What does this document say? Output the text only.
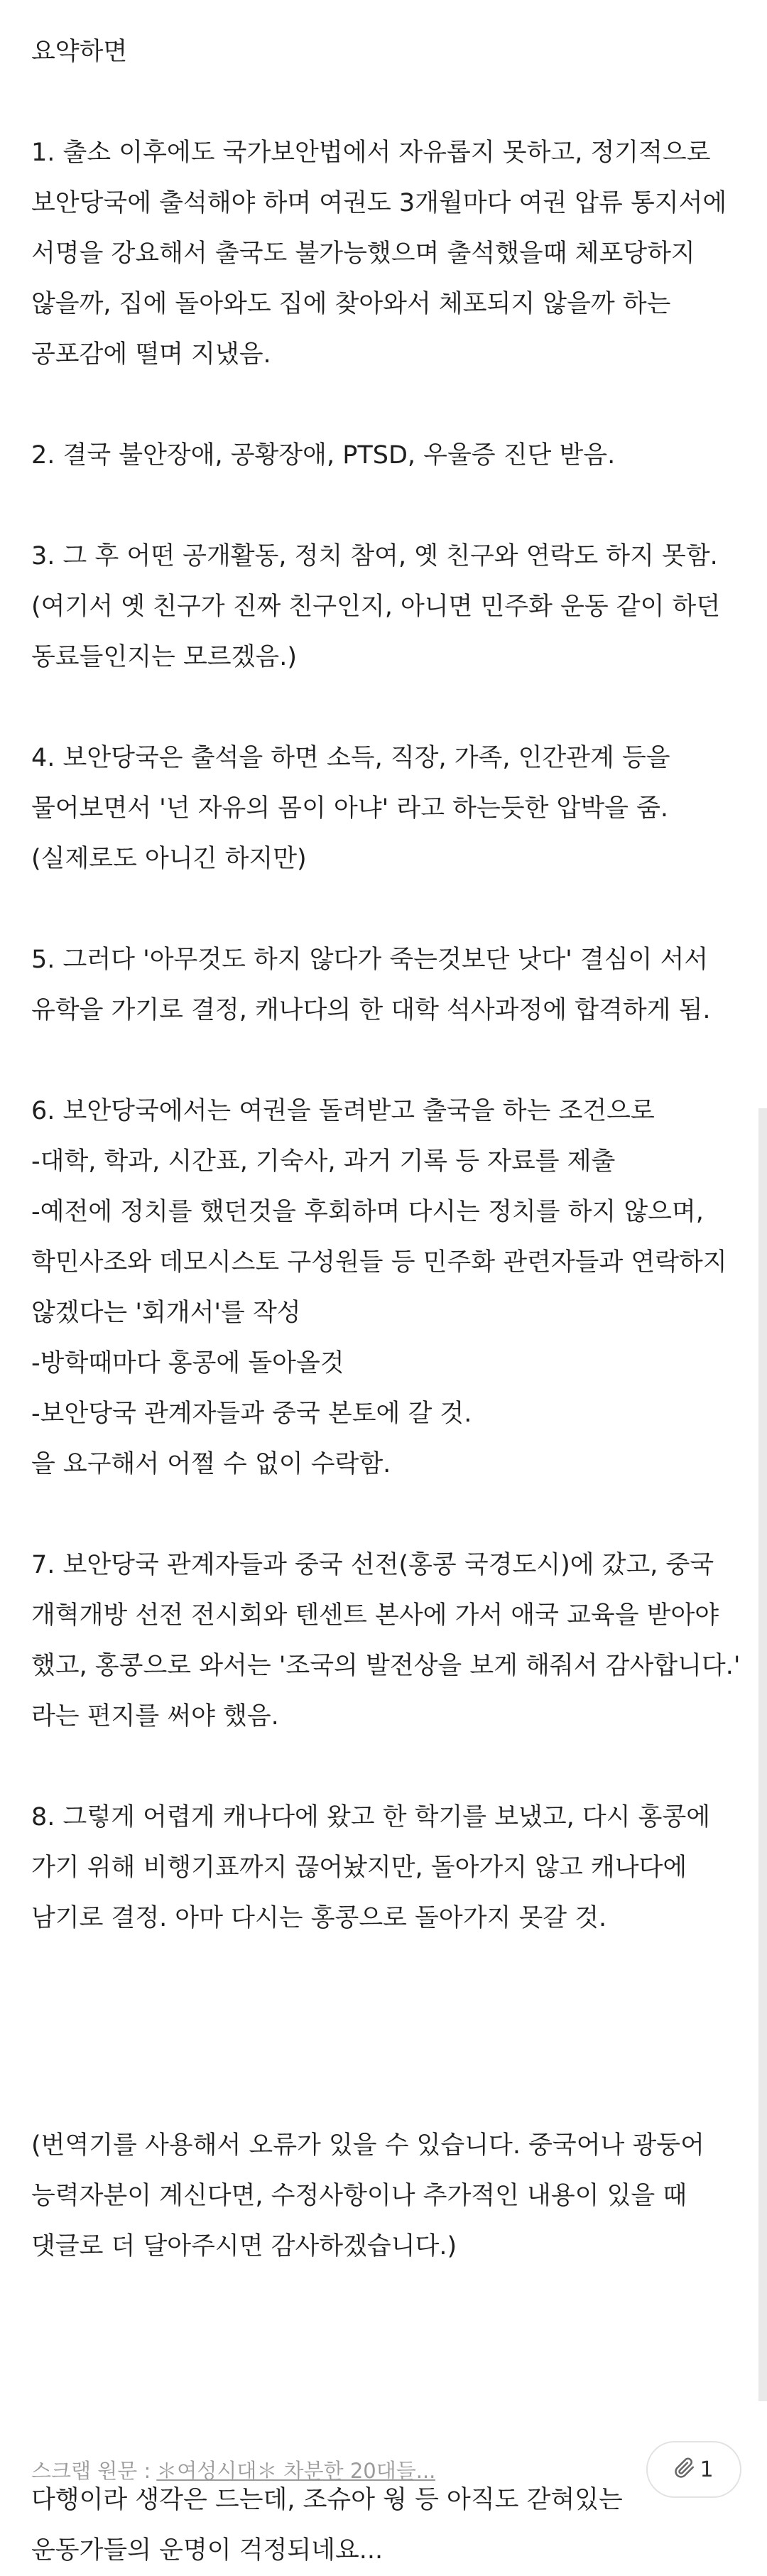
요약하면

1. 출소 이후에도 국가보안법에서 자유롭지 못하고, 정기적으로 보안당국에 출석해야 하며 여권도 3개월마다 여권 압류 통지서에 서명을 강요해서 출국도 불가능했으며 출석했을때 체포당하지 않을까, 집에 돌아와도 집에 찾아와서 체포되지 않을까 하는 공포감에 떨며 지냈음.

2. 결국 불안장애, 공황장애, PTSD, 우울증 진단 받음.

3. 그 후 어떤 공개활동, 정치 참여, 옛 친구와 연락도 하지 못함.

(여기서 옛 친구가 진짜 친구인지, 아니면 민주화 운동 같이 하던 동료들인지는 모르겠음.)

4. 보안당국은 출석을 하면 소득, 직장, 가족, 인간관계 등을 물어보면서 '넌 자유의 몸이 아냐' 라고 하는듯한 압박을 줌.(실제로도 아니긴 하지만)

5. 그러다 '아무것도 하지 않다가 죽는것보단 낫다' 결심이 서서 유학을 가기로 결정, 캐나다의 한 대학 석사과정에 합격하게 됨.

6. 보안당국에서는 여권을 돌려받고 출국을 하는 조건으로

-대학, 학과, 시간표, 기숙사, 과거 기록 등 자료를 제출

-예전에 정치를 했던것을 후회하며 다시는 정치를 하지 않으며, 학민사조와 데모시스토 구성원들 등 민주화 관련자들과 연락하지 않겠다는 '회개서'를 작성

-방학때마다 홍콩에 돌아올것

-보안당국 관계자들과 중국 본토에 갈 것.

을 요구해서 어쩔 수 없이 수락함.

7. 보안당국 관계자들과 중국 선전(홍콩 국경도시)에 갔고, 중국 개혁개방 선전 전시회와 텐센트 본사에 가서 애국 교육을 받아야 했고, 홍콩으로 와서는 '조국의 발전상을 보게 해줘서 감사합니다.' 라는 편지를 써야 했음.

8. 그렇게 어렵게 캐나다에 왔고 한 학기를 보냈고, 다시 홍콩에 가기 위해 비행기표까지 끊어놨지만, 돌아가지 않고 캐나다에 남기로 결정. 아마 다시는 홍콩으로 돌아가지 못갈 것.

(번역기를 사용해서 오류가 있을 수 있습니다. 중국어나 광둥어 능력자분이 계신다면, 수정사항이나 추가적인 내용이 있을 때 댓글로 더 달아주시면 감사하겠습니다.)

다행이라 생각은 드는데, 조슈아 웡 등 아직도 갇혀있는 운동가들의 운명이 걱정되네요...

스크랩 원문 : ＊여성시대＊ 차분한 20대들...	1
